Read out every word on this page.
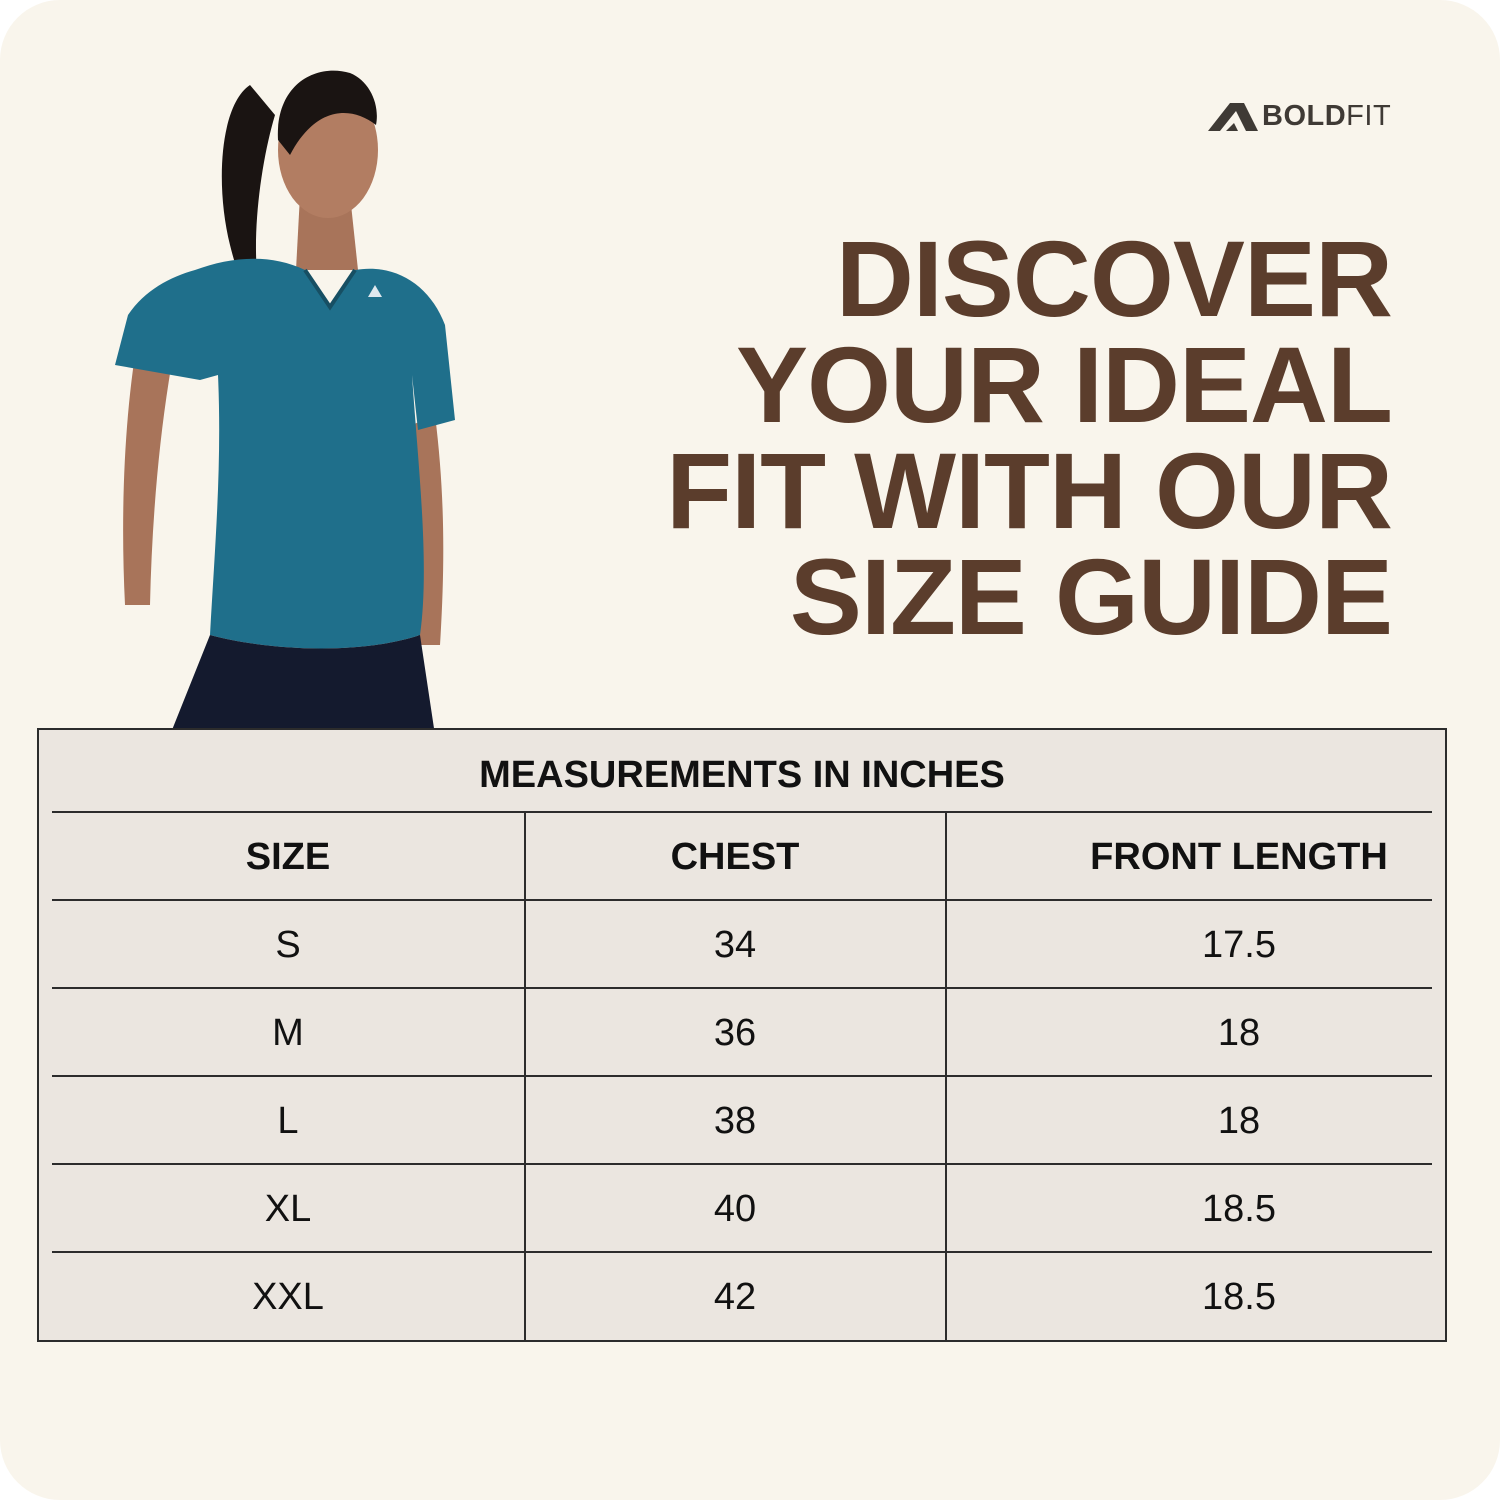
BOLDFIT
DISCOVER
YOUR IDEAL
FIT WITH OUR
SIZE GUIDE
MEASUREMENTS IN INCHES
SIZE	CHEST	FRONT LENGTH
S	34	17.5
M	36	18
L	38	18
XL	40	18.5
XXL	42	18.5
